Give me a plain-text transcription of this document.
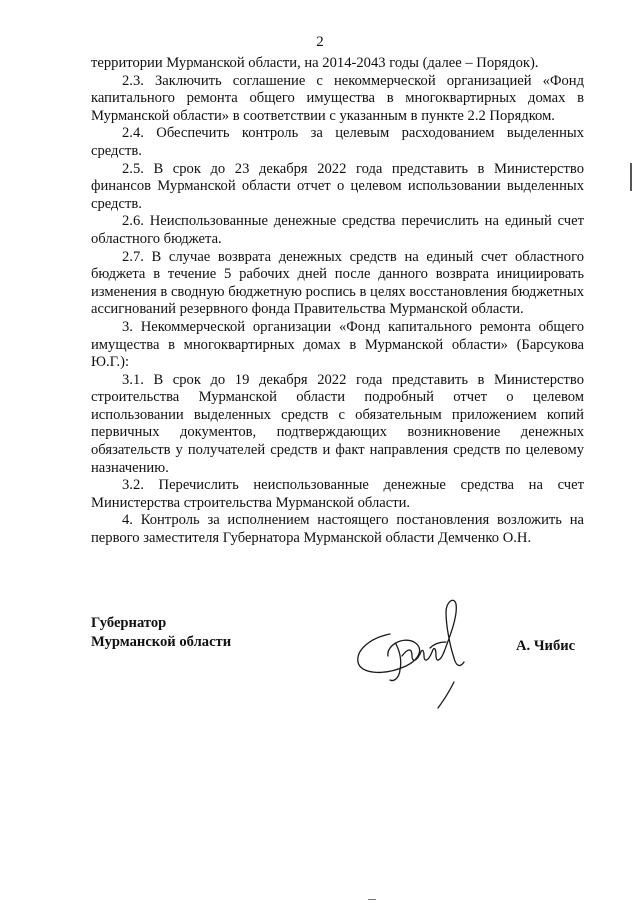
2

территории Мурманской области, на 2014-2043 годы (далее – Порядок).

2.3. Заключить соглашение с некоммерческой организацией «Фонд капитального ремонта общего имущества в многоквартирных домах в Мурманской области» в соответствии с указанным в пункте 2.2 Порядком.

2.4. Обеспечить контроль за целевым расходованием выделенных средств.

2.5. В срок до 23 декабря 2022 года представить в Министерство финансов Мурманской области отчет о целевом использовании выделенных средств.

2.6. Неиспользованные денежные средства перечислить на единый счет областного бюджета.

2.7. В случае возврата денежных средств на единый счет областного бюджета в течение 5 рабочих дней после данного возврата инициировать изменения в сводную бюджетную роспись в целях восстановления бюджетных ассигнований резервного фонда Правительства Мурманской области.

3. Некоммерческой организации «Фонд капитального ремонта общего имущества в многоквартирных домах в Мурманской области» (Барсукова Ю.Г.):

3.1. В срок до 19 декабря 2022 года представить в Министерство строительства Мурманской области подробный отчет о целевом использовании выделенных средств с обязательным приложением копий первичных документов, подтверждающих возникновение денежных обязательств у получателей средств и факт направления средств по целевому назначению.

3.2. Перечислить неиспользованные денежные средства на счет Министерства строительства Мурманской области.

4. Контроль за исполнением настоящего постановления возложить на первого заместителя Губернатора Мурманской области Демченко О.Н.

Губернатор
Мурманской области	А. Чибис
